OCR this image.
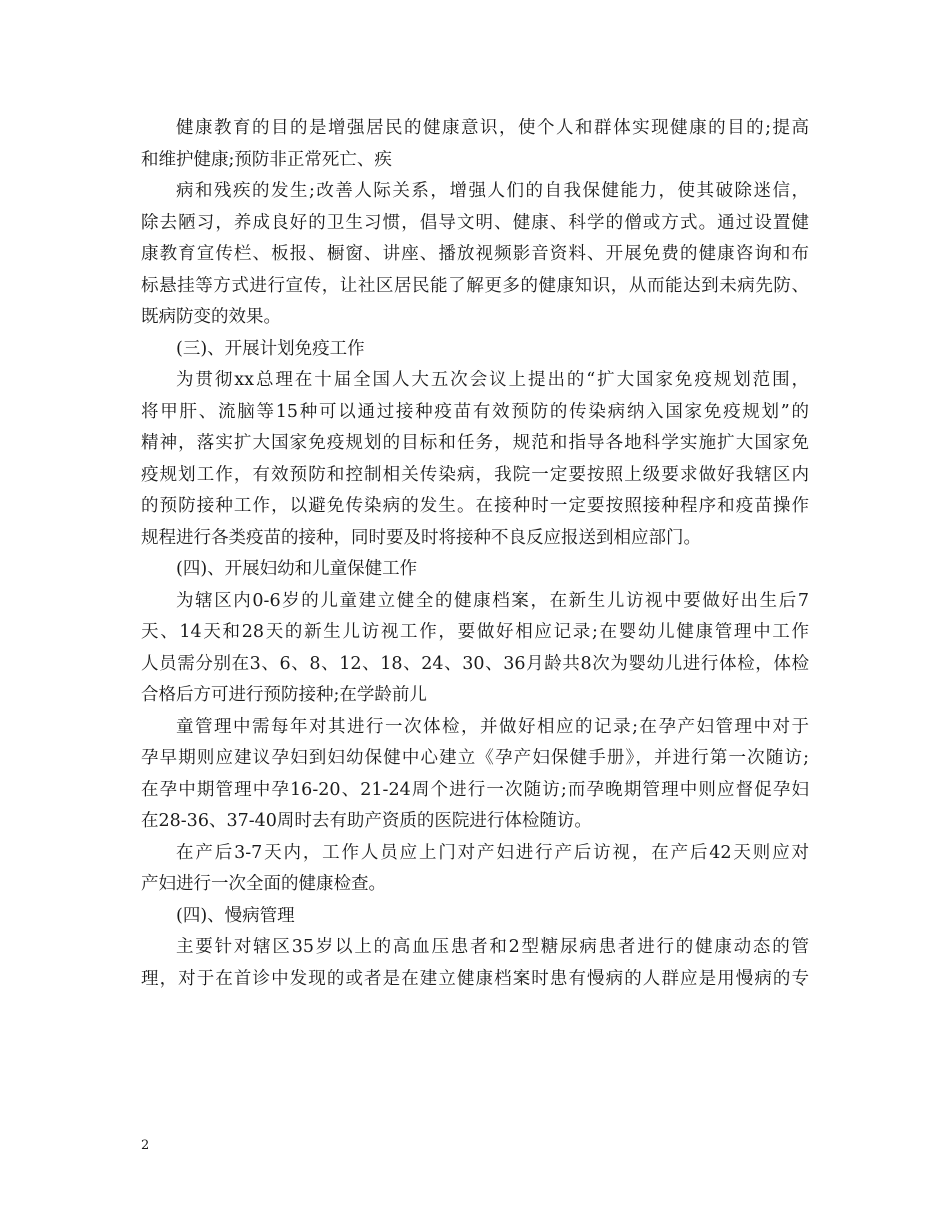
健康教育的目的是增强居民的健康意识，使个人和群体实现健康的目的;提高
和维护健康;预防非正常死亡、疾
病和残疾的发生;改善人际关系，增强人们的自我保健能力，使其破除迷信，
除去陋习，养成良好的卫生习惯，倡导文明、健康、科学的僧或方式。通过设置健
康教育宣传栏、板报、橱窗、讲座、播放视频影音资料、开展免费的健康咨询和布
标悬挂等方式进行宣传，让社区居民能了解更多的健康知识，从而能达到未病先防、
既病防变的效果。
(三)、开展计划免疫工作
为贯彻xx总理在十届全国人大五次会议上提出的“扩大国家免疫规划范围，
将甲肝、流脑等15种可以通过接种疫苗有效预防的传染病纳入国家免疫规划”的
精神，落实扩大国家免疫规划的目标和任务，规范和指导各地科学实施扩大国家免
疫规划工作，有效预防和控制相关传染病，我院一定要按照上级要求做好我辖区内
的预防接种工作，以避免传染病的发生。在接种时一定要按照接种程序和疫苗操作
规程进行各类疫苗的接种，同时要及时将接种不良反应报送到相应部门。
(四)、开展妇幼和儿童保健工作
为辖区内0-6岁的儿童建立健全的健康档案，在新生儿访视中要做好出生后7
天、14天和28天的新生儿访视工作，要做好相应记录;在婴幼儿健康管理中工作
人员需分别在3、6、8、12、18、24、30、36月龄共8次为婴幼儿进行体检，体检
合格后方可进行预防接种;在学龄前儿
童管理中需每年对其进行一次体检，并做好相应的记录;在孕产妇管理中对于
孕早期则应建议孕妇到妇幼保健中心建立《孕产妇保健手册》，并进行第一次随访;
在孕中期管理中孕16-20、21-24周个进行一次随访;而孕晚期管理中则应督促孕妇
在28-36、37-40周时去有助产资质的医院进行体检随访。
在产后3-7天内，工作人员应上门对产妇进行产后访视，在产后42天则应对
产妇进行一次全面的健康检查。
(四)、慢病管理
主要针对辖区35岁以上的高血压患者和2型糖尿病患者进行的健康动态的管
理，对于在首诊中发现的或者是在建立健康档案时患有慢病的人群应是用慢病的专
2
